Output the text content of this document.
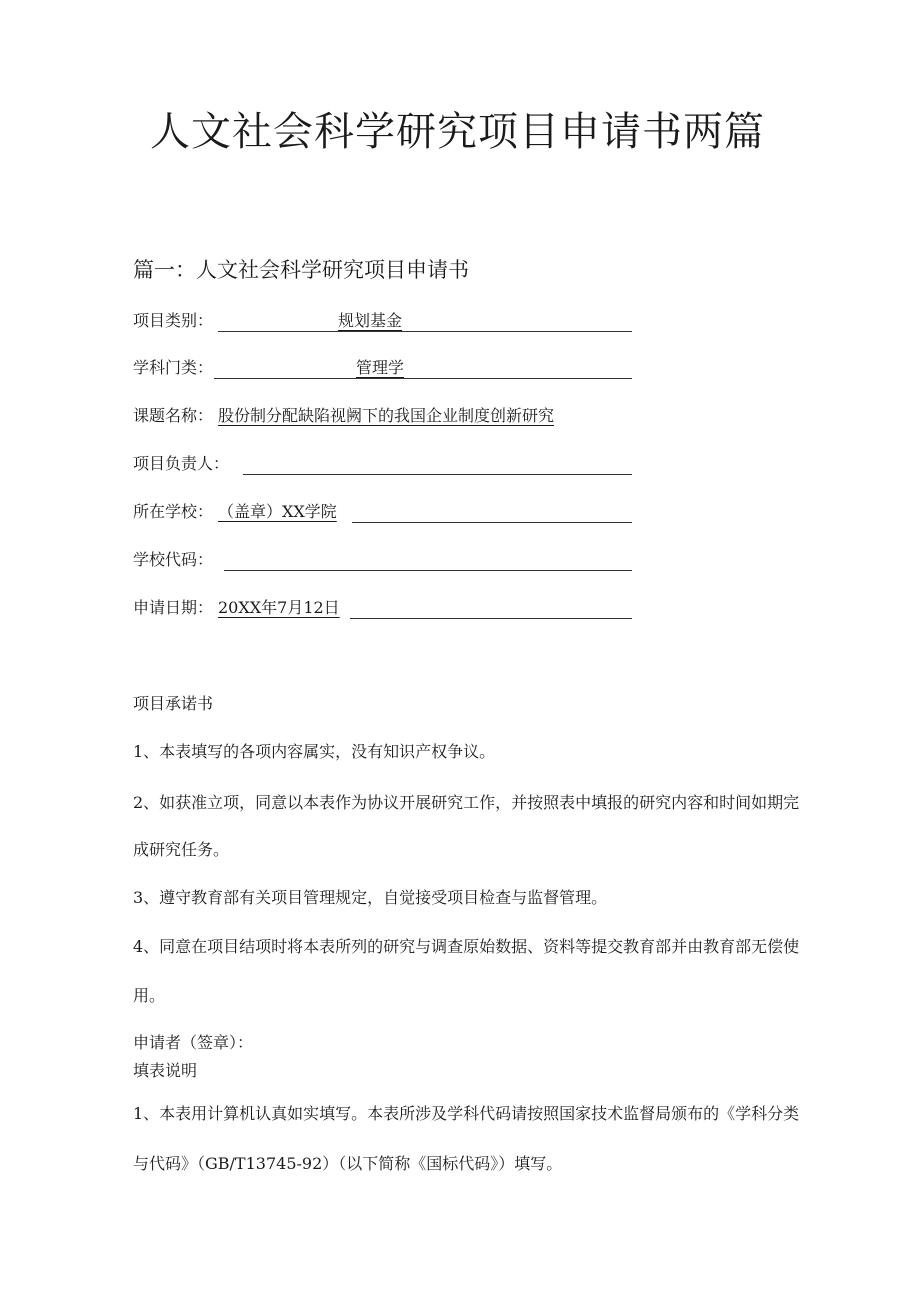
人文社会科学研究项目申请书两篇
篇一：人文社会科学研究项目申请书
项目类别：	规划基金
学科门类：	管理学
课题名称： 股份制分配缺陷视阙下的我国企业制度创新研究
项目负责人：
所在学校： （盖章）XX学院
学校代码：
申请日期： 20XX年7月12日
项目承诺书
1、本表填写的各项内容属实，没有知识产权争议。
2、如获准立项，同意以本表作为协议开展研究工作，并按照表中填报的研究内容和时间如期完
成研究任务。
3、遵守教育部有关项目管理规定，自觉接受项目检查与监督管理。
4、同意在项目结项时将本表所列的研究与调查原始数据、资料等提交教育部并由教育部无偿使
用。
申请者（签章）：
填表说明
1、本表用计算机认真如实填写。本表所涉及学科代码请按照国家技术监督局颁布的《学科分类
与代码》（GB/T13745-92）（以下简称《国标代码》）填写。
